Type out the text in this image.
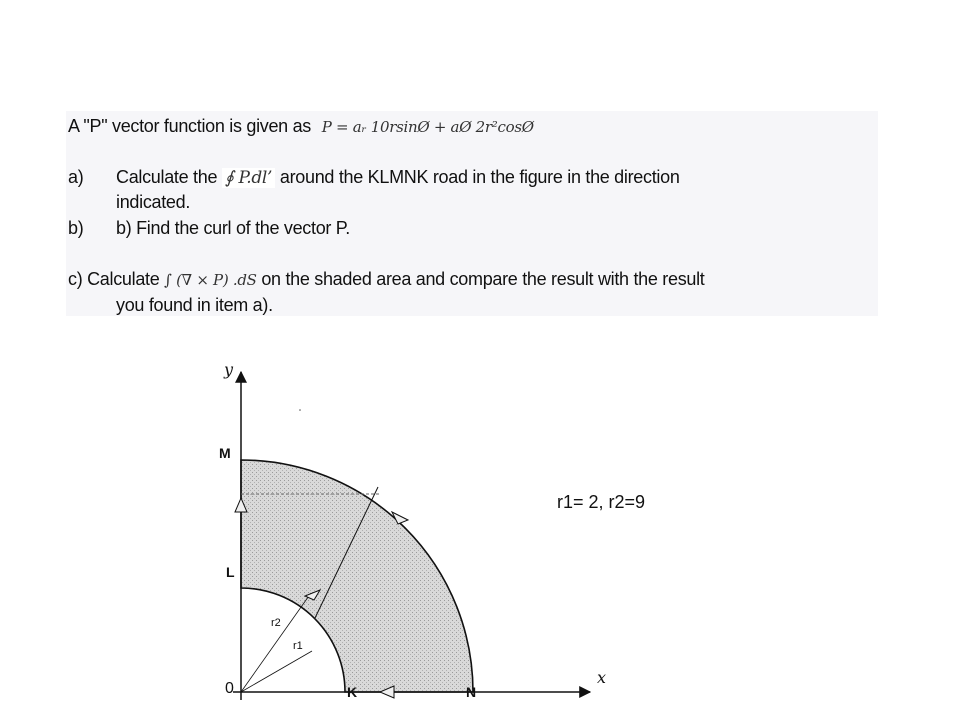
A "P" vector function is given as P = aᵣ 10rsinØ + aØ 2r²cosØ
a) Calculate the ∮ P.dl’ around the KLMNK road in the figure in the direction
indicated.
b) b) Find the curl of the vector P.
c) Calculate ∫ (∇ × P) .dS on the shaded area and compare the result with the result
you found in item a).
y
x
0
M
L
K	N
r2
r1
r1= 2, r2=9
